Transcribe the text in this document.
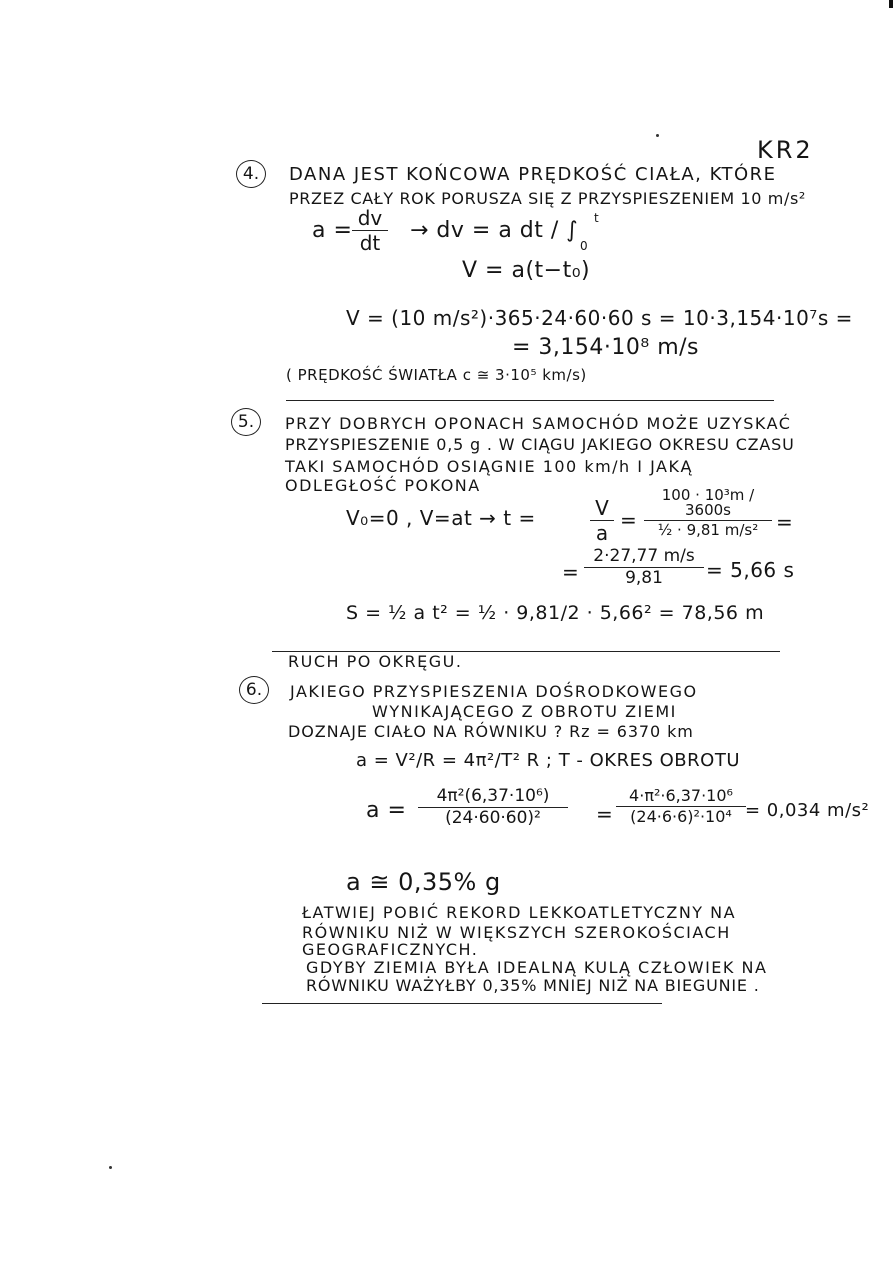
KR2
4.	DANA JEST KOŃCOWA PRĘDKOŚĆ CIAŁA, KTÓRE
PRZEZ CAŁY ROK PORUSZA SIĘ Z PRZYSPIESZENIEM 10 m/s²
a = dv
dt	→ dv = a dt / ∫ t
0
V = a(t−t₀)
V = (10 m/s²)·365·24·60·60 s = 10·3,154·10⁷s =
= 3,154·10⁸ m/s
( PRĘDKOŚĆ ŚWIATŁA c ≅ 3·10⁵ km/s)
5.	PRZY DOBRYCH OPONACH SAMOCHÓD MOŻE UZYSKAĆ
PRZYSPIESZENIE 0,5 g . W CIĄGU JAKIEGO OKRESU CZASU
TAKI SAMOCHÓD OSIĄGNIE 100 km/h I JAKĄ
ODLEGŁOŚĆ POKONA
V₀=0 , V=at → t =	V
a
=
100 · 10³m / 3600s
½ · 9,81 m/s² =
=
2·27,77 m/s
9,81	= 5,66 s
S = ½ a t² = ½ · 9,81/2 · 5,66² = 78,56 m
RUCH PO OKRĘGU.
6.	JAKIEGO PRZYSPIESZENIA DOŚRODKOWEGO
WYNIKAJĄCEGO Z OBROTU ZIEMI
DOZNAJE CIAŁO NA RÓWNIKU ? Rz = 6370 km
a = V²/R = 4π²/T² R ; T - OKRES OBROTU
a =
4π²(6,37·10⁶)
(24·60·60)²	=
4·π²·6,37·10⁶
(24·6·6)²·10⁴ = 0,034 m/s²
a ≅ 0,35% g
ŁATWIEJ POBIĆ REKORD LEKKOATLETYCZNY NA
RÓWNIKU NIŻ W WIĘKSZYCH SZEROKOŚCIACH
GEOGRAFICZNYCH.
GDYBY ZIEMIA BYŁA IDEALNĄ KULĄ CZŁOWIEK NA
RÓWNIKU WAŻYŁBY 0,35% MNIEJ NIŻ NA BIEGUNIE .
